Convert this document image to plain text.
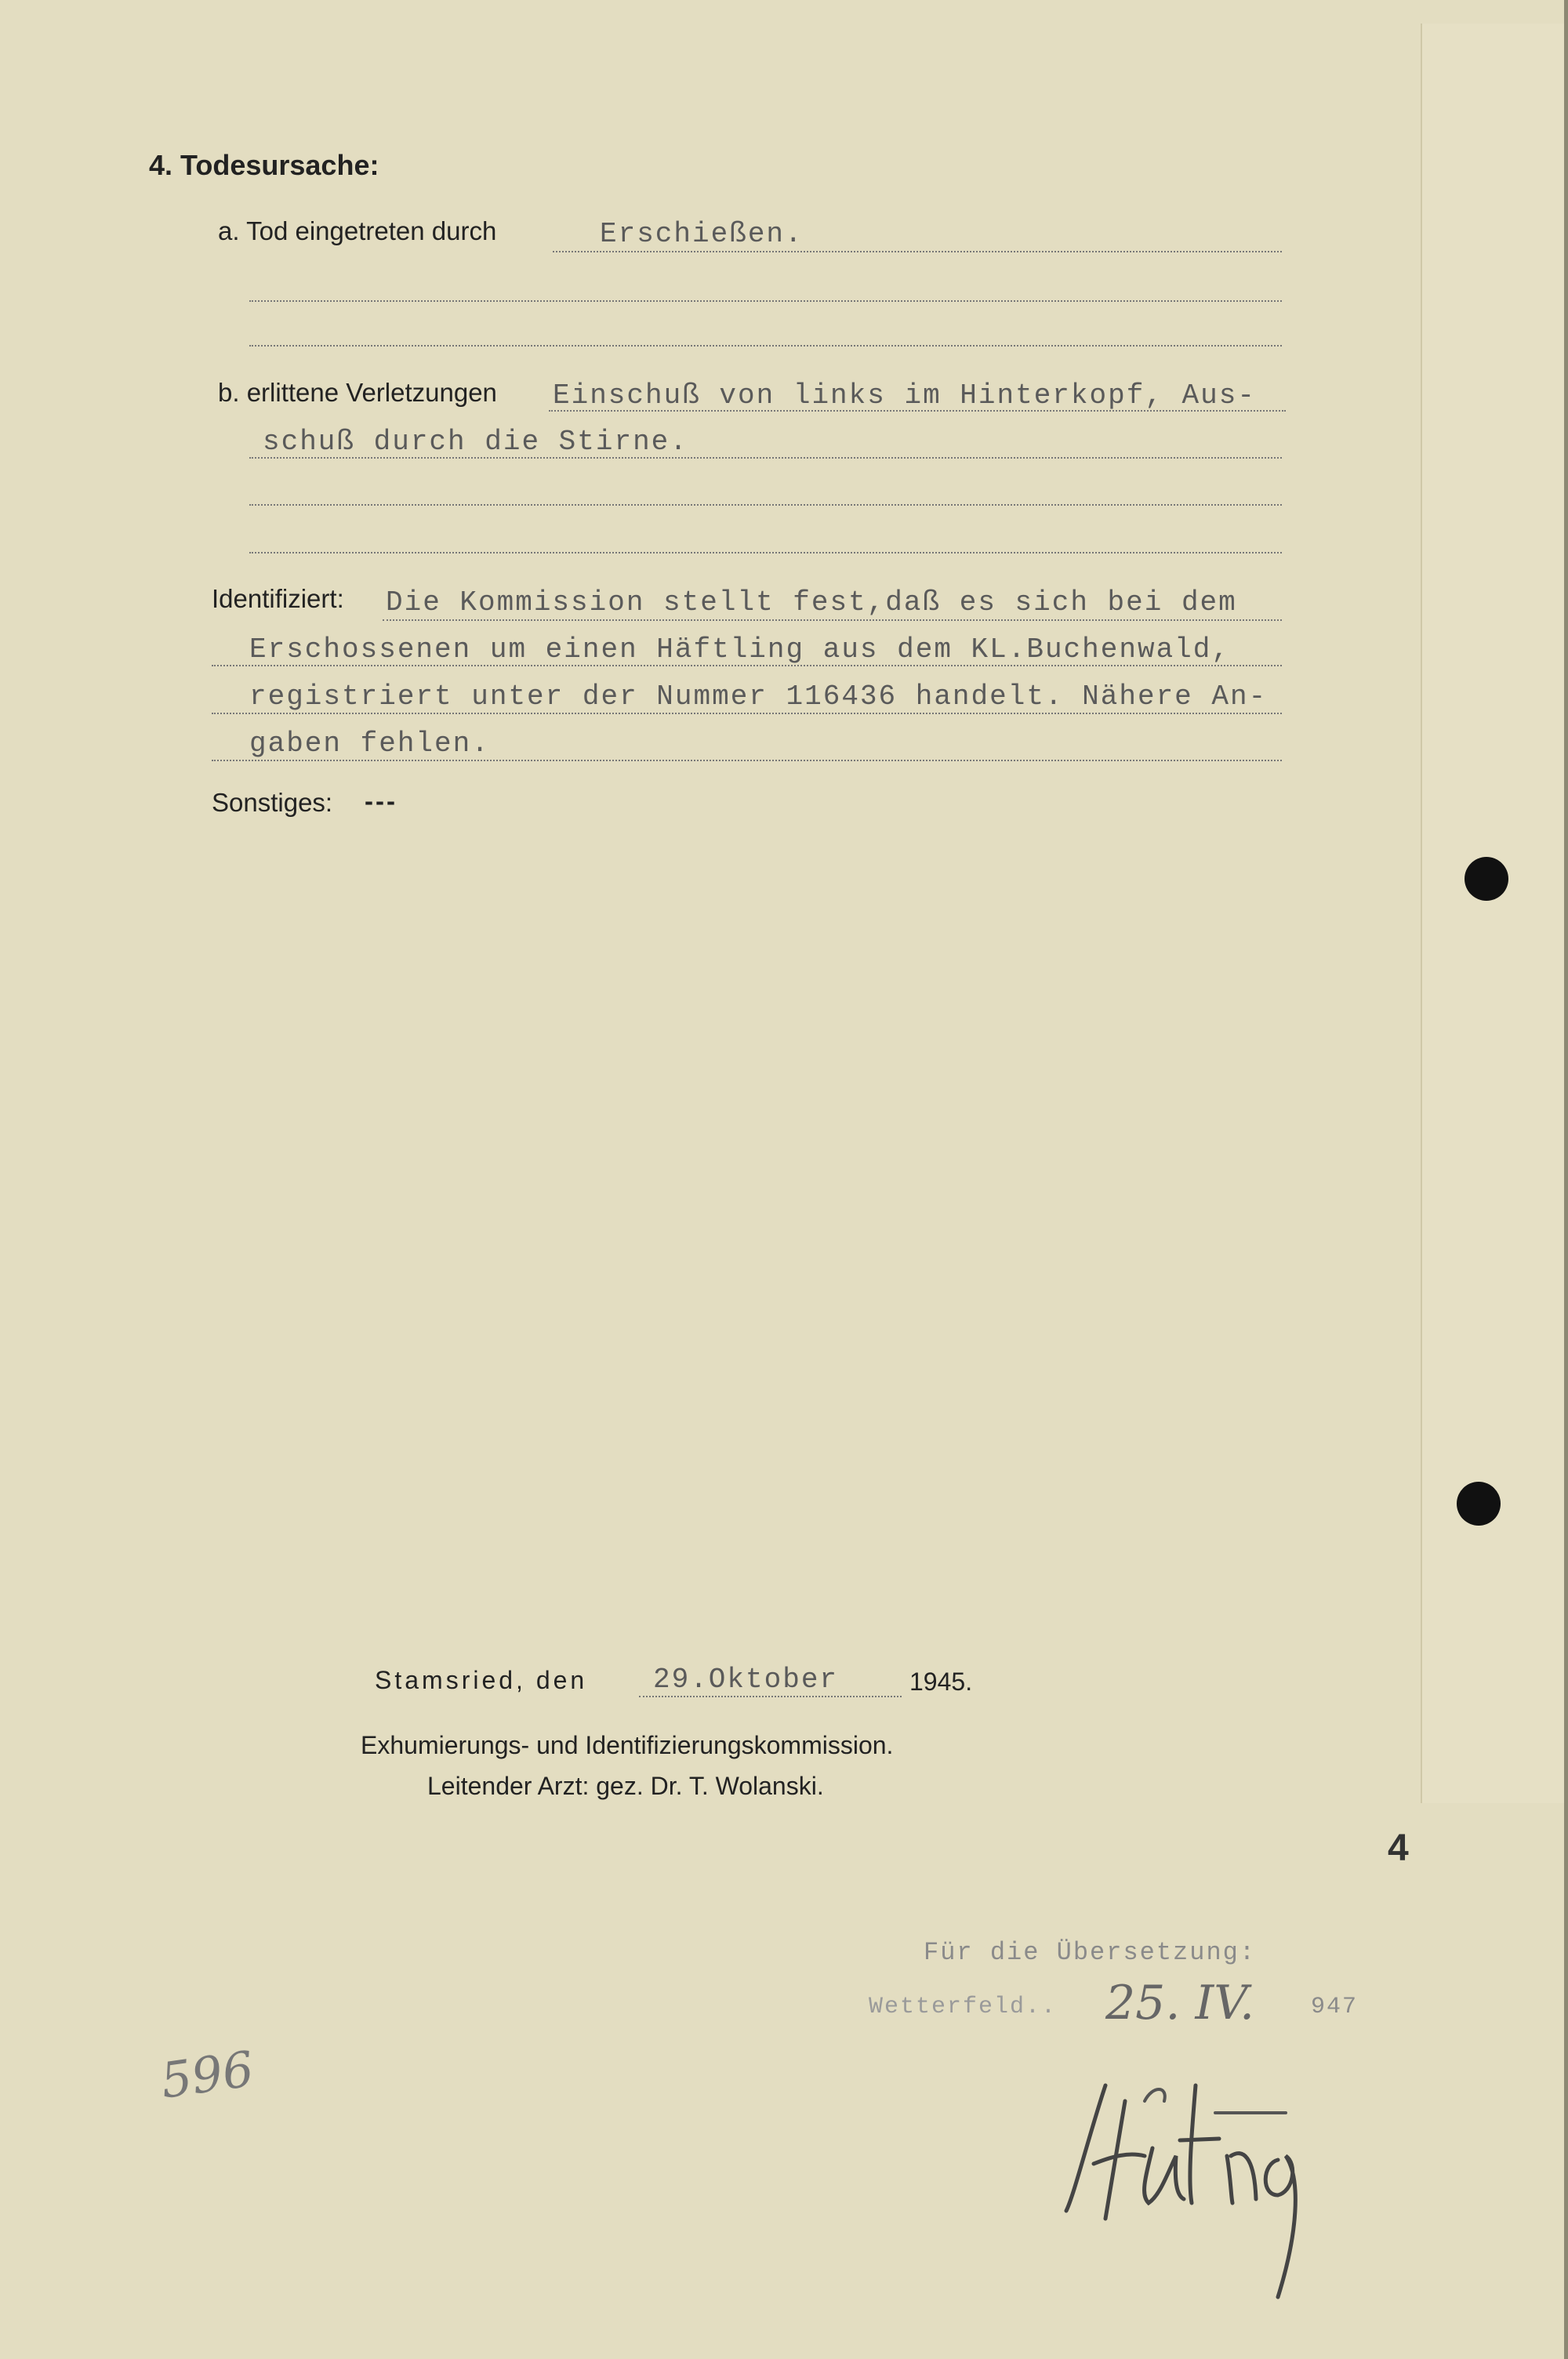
4. Todesursache:
a. Tod eingetreten durch	Erschießen.
b. erlittene Verletzungen Einschuß von links im Hinterkopf, Aus-
schuß durch die Stirne.
Identifiziert: Die Kommission stellt fest,daß es sich bei dem
Erschossenen um einen Häftling aus dem KL.Buchenwald,
registriert unter der Nummer 116436 handelt. Nähere An-
gaben fehlen.
Sonstiges: ---
Stamsried, den 29.Oktober	1945.
Exhumierungs- und Identifizierungskommission.
Leitender Arzt: gez. Dr. T. Wolanski.
Für die Übersetzung:
Wetterfeld.. 25. IV. 947
596
4
